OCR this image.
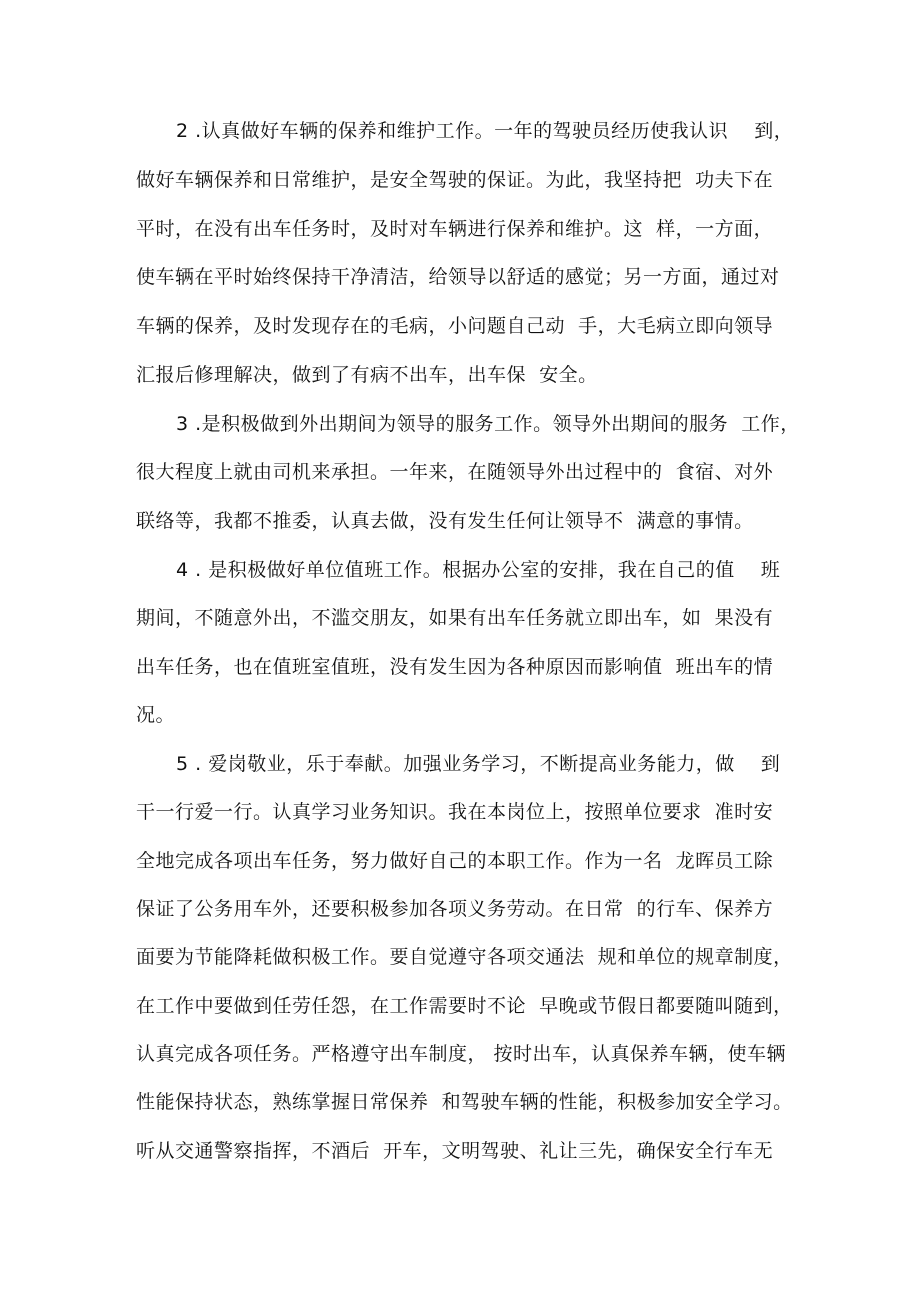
2 .认真做好车辆的保养和维护工作。一年的驾驶员经历使我认识　 到，
做好车辆保养和日常维护，是安全驾驶的保证。为此，我坚持把  功夫下在
平时，在没有出车任务时，及时对车辆进行保养和维护。这  样，一方面，
使车辆在平时始终保持干净清洁，给领导以舒适的感觉；另一方面，通过对
车辆的保养，及时发现存在的毛病，小问题自己动  手，大毛病立即向领导
汇报后修理解决，做到了有病不出车，出车保  安全。
3 .是积极做到外出期间为领导的服务工作。领导外出期间的服务  工作，
很大程度上就由司机来承担。一年来，在随领导外出过程中的  食宿、对外
联络等，我都不推委，认真去做，没有发生任何让领导不  满意的事情。
4 . 是积极做好单位值班工作。根据办公室的安排，我在自己的值　 班
期间，不随意外出，不滥交朋友，如果有出车任务就立即出车，如  果没有
出车任务，也在值班室值班，没有发生因为各种原因而影响值  班出车的情
况。
5 . 爱岗敬业，乐于奉献。加强业务学习，不断提高业务能力，做　 到
干一行爱一行。认真学习业务知识。我在本岗位上，按照单位要求  准时安
全地完成各项出车任务，努力做好自己的本职工作。作为一名  龙晖员工除
保证了公务用车外，还要积极参加各项义务劳动。在日常  的行车、保养方
面要为节能降耗做积极工作。要自觉遵守各项交通法  规和单位的规章制度，
在工作中要做到任劳任怨，在工作需要时不论  早晚或节假日都要随叫随到，
认真完成各项任务。严格遵守出车制度， 按时出车，认真保养车辆，使车辆
性能保持状态，熟练掌握日常保养  和驾驶车辆的性能，积极参加安全学习。
听从交通警察指挥，不酒后  开车，文明驾驶、礼让三先，确保安全行车无
